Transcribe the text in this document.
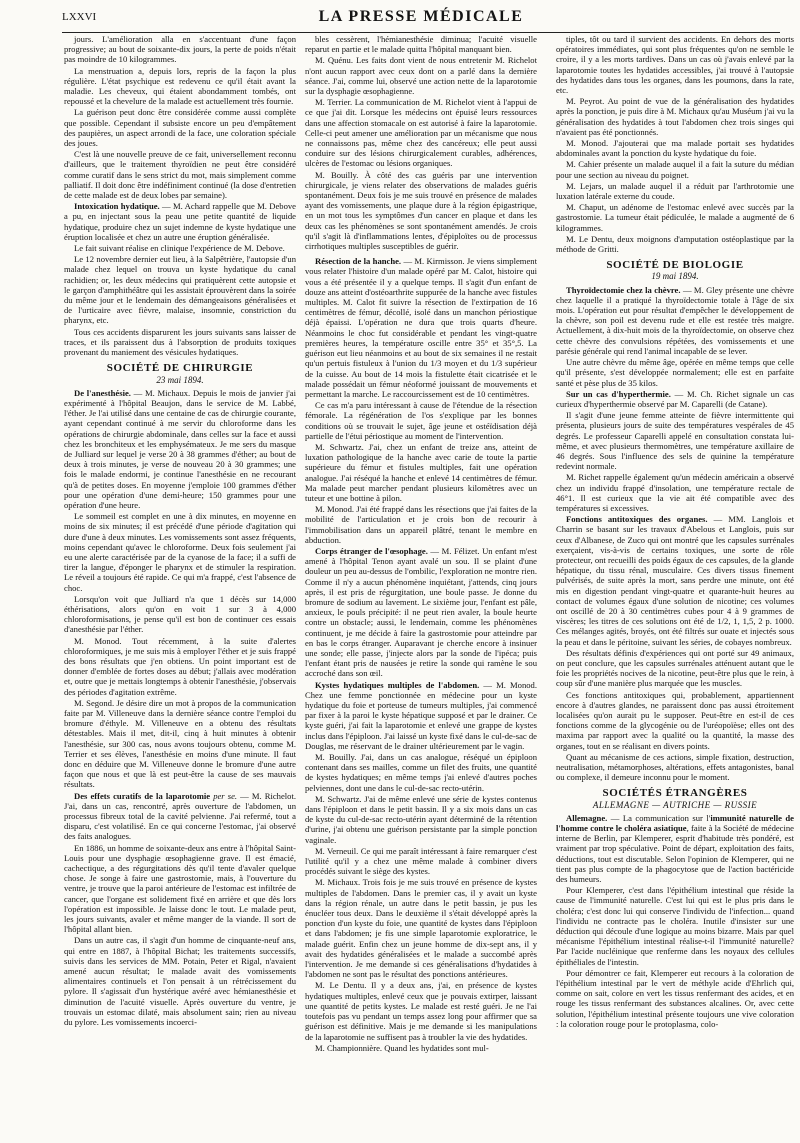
LXXVI	LA PRESSE MÉDICALE

jours. L'amélioration alla en s'accentuant d'une façon progressive; au bout de soixante-dix jours, la perte de poids n'était pas moindre de 10 kilogrammes.

La menstruation a, depuis lors, repris de la façon la plus régulière. L'état psychique est redevenu ce qu'il était avant la maladie. Les cheveux, qui étaient abondamment tombés, ont repoussé et la chevelure de la malade est actuellement très fournie.

La guérison peut donc être considérée comme aussi complète que possible. Cependant il subsiste encore un peu d'empâtement des paupières, un aspect arrondi de la face, une coloration spéciale des joues.

C'est là une nouvelle preuve de ce fait, universellement reconnu d'ailleurs, que le traitement thyroïdien ne peut être considéré comme curatif dans le sens strict du mot, mais simplement comme palliatif. Il doit donc être indéfiniment continué (la dose d'entretien de cette malade est de deux lobes par semaine).

Intoxication hydatique. — M. Achard rappelle que M. Debove a pu, en injectant sous la peau une petite quantité de liquide hydatique, produire chez un sujet indemne de kyste hydatique une éruption localisée et chez un autre une éruption généralisée.

Le fait suivant réalise en clinique l'expérience de M. Debove.

Le 12 novembre dernier eut lieu, à la Salpêtrière, l'autopsie d'un malade chez lequel on trouva un kyste hydatique du canal rachidien; or, les deux médecins qui pratiquèrent cette autopsie et le garçon d'amphithéâtre qui les assistait éprouvèrent dans la soirée du même jour et le lendemain des démangeaisons généralisées et de l'urticaire avec fièvre, malaise, insomnie, constriction du pharynx, etc.

Tous ces accidents disparurent les jours suivants sans laisser de traces, et ils paraissent dus à l'absorption de produits toxiques provenant du maniement des vésicules hydatiques.

SOCIÉTÉ DE CHIRURGIE
23 mai 1894.

De l'anesthésie. — M. Michaux. Depuis le mois de janvier j'ai expérimenté à l'hôpital Beaujon, dans le service de M. Labbé, l'éther. Je l'ai utilisé dans une centaine de cas de chirurgie courante, ayant cependant continué à me servir du chloroforme dans les opérations de chirurgie abdominale, dans celles sur la face et aussi chez les bronchiteux et les emphysémateux. Je me sers du masque de Julliard sur lequel je verse 20 à 38 grammes d'éther; au bout de deux à trois minutes, je verse de nouveau 20 à 30 grammes; une fois le malade endormi, je continue l'anesthésie en ne recourant qu'à de petites doses. En moyenne j'emploie 100 grammes d'éther pour une opération d'une demi-heure; 150 grammes pour une opération d'une heure.

Le sommeil est complet en une à dix minutes, en moyenne en moins de six minutes; il est précédé d'une période d'agitation qui dure d'une à deux minutes. Les vomissements sont assez fréquents, moins cependant qu'avec le chloroforme. Deux fois seulement j'ai eu une alerte caractérisée par de la cyanose de la face; il a suffi de tirer la langue, d'éponger le pharynx et de stimuler la respiration. Le réveil a toujours été rapide. Ce qui m'a frappé, c'est l'absence de choc.

Lorsqu'on voit que Julliard n'a que 1 décès sur 14,000 éthérisations, alors qu'on en voit 1 sur 3 à 4,000 chloroformisations, je pense qu'il est bon de continuer ces essais d'anesthésie par l'éther.

M. Monod. Tout récemment, à la suite d'alertes chloroformiques, je me suis mis à employer l'éther et je suis frappé des bons résultats que j'en obtiens. Un point important est de donner d'emblée de fortes doses au début; j'allais avec modération et, outre que je mettais longtemps à obtenir l'anesthésie, j'observais des périodes d'agitation extrême.

M. Segond. Je désire dire un mot à propos de la communication faite par M. Villeneuve dans la dernière séance contre l'emploi du bromure d'éthyle. M. Villeneuve en a obtenu des résultats détestables. Mais il met, dit-il, cinq à huit minutes à obtenir l'anesthésie, sur 300 cas, nous avons toujours obtenu, comme M. Terrier et ses élèves, l'anesthésie en moins d'une minute. Il faut donc en déduire que M. Villeneuve donne le bromure d'une autre façon que nous et que là est peut-être la cause de ses mauvais résultats.

Des effets curatifs de la laparotomie per se. — M. Richelot. J'ai, dans un cas, rencontré, après ouverture de l'abdomen, un processus fibreux total de la cavité pelvienne. J'ai refermé, tout a disparu, c'est volatilisé. En ce qui concerne l'estomac, j'ai observé des faits analogues.

En 1886, un homme de soixante-deux ans entre à l'hôpital Saint-Louis pour une dysphagie œsophagienne grave. Il est émacié, cachectique, a des régurgitations dès qu'il tente d'avaler quelque chose. Je songe à faire une gastrostomie, mais, à l'ouverture du ventre, je trouve que la paroi antérieure de l'estomac est infiltrée de cancer, que l'organe est solidement fixé en arrière et que dès lors l'opération est impossible. Je laisse donc le tout. Le malade peut, les jours suivants, avaler et même manger de la viande. Il sort de l'hôpital allant bien.

Dans un autre cas, il s'agit d'un homme de cinquante-neuf ans, qui entre en 1887, à l'hôpital Bichat; les traitements successifs, suivis dans les services de MM. Potain, Peter et Rigal, n'avaient amené aucun résultat; le malade avait des vomissements alimentaires continuels et l'on pensait à un rétrécissement du pylore. Il s'agissait d'un hystérique avéré avec hémianesthésie et diminution de l'acuité visuelle. Après ouverture du ventre, je trouvais un estomac dilaté, mais absolument sain; rien au niveau du pylore. Les vomissements incoerci-

bles cessèrent, l'hémianesthésie diminua; l'acuité visuelle reparut en partie et le malade quitta l'hôpital manquant bien.

M. Quénu. Les faits dont vient de nous entretenir M. Richelot n'ont aucun rapport avec ceux dont on a parlé dans la dernière séance. J'ai, comme lui, observé une action nette de la laparotomie sur la dysphagie œsophagienne.

M. Terrier. La communication de M. Richelot vient à l'appui de ce que j'ai dit. Lorsque les médecins ont épuisé leurs ressources dans une affection stomacale on est autorisé à faire la laparotomie. Celle-ci peut amener une amélioration par un mécanisme que nous ne connaissons pas, même chez des cancéreux; elle peut aussi conduire sur des lésions chirurgicalement curables, adhérences, ulcères de l'estomac ou lésions organiques.

M. Bouilly. À côté des cas guéris par une intervention chirurgicale, je viens relater des observations de malades guéris spontanément. Deux fois je me suis trouvé en présence de malades ayant des vomissements, une plaque dure à la région épigastrique, en un mot tous les symptômes d'un cancer en plaque et dans les deux cas les phénomènes se sont spontanément amendés. Je crois qu'il s'agit là d'inflammations lentes, d'épiploïtes ou de processus cirrhotiques multiples susceptibles de guérir.

Résection de la hanche. — M. Kirmisson. Je viens simplement vous relater l'histoire d'un malade opéré par M. Calot, histoire qui vous a été présentée il y a quelque temps. Il s'agit d'un enfant de douze ans atteint d'ostéoarthrite suppurée de la hanche avec fistules multiples. M. Calot fit suivre la résection de l'extirpation de 16 centimètres de fémur, décollé, isolé dans un manchon périostique déjà épaissi. L'opération ne dura que trois quarts d'heure. Néanmoins le choc fut considérable et pendant les vingt-quatre premières heures, la température oscille entre 35° et 35°,5. La guérison eut lieu néanmoins et au bout de six semaines il ne restait qu'un pertuis fistuleux à l'union du 1/3 moyen et du 1/3 supérieur de la cuisse. Au bout de 14 mois la fistulette était cicatrisée et le malade possédait un fémur néoformé jouissant de mouvements et permettant la marche. Le raccourcissement est de 10 centimètres.

Ce cas m'a paru intéressant à cause de l'étendue de la résection fémorale. La régénération de l'os s'explique par les bonnes conditions où se trouvait le sujet, âge jeune et ostéïdisation déjà partielle de l'étui périostique au moment de l'intervention.

M. Schwartz. J'ai, chez un enfant de treize ans, atteint de luxation pathologique de la hanche avec carie de toute la partie supérieure du fémur et fistules multiples, fait une opération analogue. J'ai réséqué la hanche et enlevé 14 centimètres de fémur. Ma malade peut marcher pendant plusieurs kilomètres avec un tuteur et une bottine à pilon.

M. Monod. J'ai été frappé dans les résections que j'ai faites de la mobilité de l'articulation et je crois bon de recourir à l'immobilisation dans un appareil plâtré, tenant le membre en abduction.

Corps étranger de l'œsophage. — M. Félizet. Un enfant m'est amené à l'hôpital Tenon ayant avalé un sou. Il se plaint d'une douleur un peu au-dessus de l'ombilic, l'exploration ne montre rien. Comme il n'y a aucun phénomène inquiétant, j'attends, cinq jours après, il est pris de régurgitation, une boule passe. Je donne du bromure de sodium au lavement. Le sixième jour, l'enfant est pâle, anxieux, le pouls précipité: il ne peut rien avaler, la boule heurte contre un obstacle; aussi, le lendemain, comme les phénomènes continuent, je me décide à faire la gastrostomie pour atteindre par en bas le corps étranger. Auparavant je cherche encore à insinuer une sonde; elle passe, j'injecte alors par la sonde de l'ipéca; puis l'enfant étant pris de nausées je retire la sonde qui ramène le sou accroché dans son œil.

Kystes hydatiques multiples de l'abdomen. — M. Monod. Chez une femme ponctionnée en médecine pour un kyste hydatique du foie et porteuse de tumeurs multiples, j'ai commencé par fixer à la paroi le kyste hépatique supposé et par le drainer. Ce kyste guéri, j'ai fait la laparotomie et enlevé une grappe de kystes inclus dans l'épiploon. J'ai laissé un kyste fixé dans le cul-de-sac de Douglas, me réservant de le drainer ultérieurement par le vagin.

M. Bouilly. J'ai, dans un cas analogue, réséqué un épiploon contenant dans ses mailles, comme un filet des fruits, une quantité de kystes hydatiques; en même temps j'ai enlevé d'autres poches pelviennes, dont une dans le cul-de-sac recto-utérin.

M. Schwartz. J'ai de même enlevé une série de kystes contenus dans l'épiploon et dans le petit bassin. Il y a six mois dans un cas de kyste du cul-de-sac recto-utérin ayant déterminé de la rétention d'urine, j'ai obtenu une guérison persistante par la simple ponction vaginale.

M. Verneuil. Ce qui me paraît intéressant à faire remarquer c'est l'utilité qu'il y a chez une même malade à combiner divers procédés suivant le siège des kystes.

M. Michaux. Trois fois je me suis trouvé en présence de kystes multiples de l'abdomen. Dans le premier cas, il y avait un kyste dans la région rénale, un autre dans le petit bassin, je pus les énucléer tous deux. Dans le deuxième il s'était développé après la ponction d'un kyste du foie, une quantité de kystes dans l'épiploon et dans l'abdomen; je fis une simple laparotomie exploratrice, le malade guérit. Enfin chez un jeune homme de dix-sept ans, il y avait des hydatides généralisées et le malade a succombé après l'intervention. Je me demande si ces généralisations d'hydatides à l'abdomen ne sont pas le résultat des ponctions antérieures.

M. Le Dentu. Il y a deux ans, j'ai, en présence de kystes hydatiques multiples, enlevé ceux que je pouvais extirper, laissant une quantité de petits kystes. Le malade est resté guéri. Je ne l'ai toutefois pas vu pendant un temps assez long pour affirmer que sa guérison est définitive. Mais je me demande si les manipulations de la laparotomie ne suffisent pas à troubler la vie des hydatides.

M. Championnière. Quand les hydatides sont mul-

tiples, tôt ou tard il survient des accidents. En dehors des morts opératoires immédiates, qui sont plus fréquentes qu'on ne semble le croire, il y a les morts tardives. Dans un cas où j'avais enlevé par la laparotomie toutes les hydatides accessibles, j'ai trouvé à l'autopsie des hydatides dans tous les organes, dans les poumons, dans la rate, etc.

M. Peyrot. Au point de vue de la généralisation des hydatides après la ponction, je puis dire à M. Michaux qu'au Muséum j'ai vu la généralisation des hydatides à tout l'abdomen chez trois singes qui n'avaient pas été ponctionnés.

M. Monod. J'ajouterai que ma malade portait ses hydatides abdominales avant la ponction du kyste hydatique du foie.

M. Cahier présente un malade auquel il a fait la suture du médian pour une section au niveau du poignet.

M. Lejars, un malade auquel il a réduit par l'arthrotomie une luxation latérale externe du coude.

M. Chaput, un adénome de l'estomac enlevé avec succès par la gastrostomie. La tumeur était pédiculée, le malade a augmenté de 6 kilogrammes.

M. Le Dentu, deux moignons d'amputation ostéoplastique par la méthode de Gritti.

SOCIÉTÉ DE BIOLOGIE
19 mai 1894.

Thyroïdectomie chez la chèvre. — M. Gley présente une chèvre chez laquelle il a pratiqué la thyroïdectomie totale à l'âge de six mois. L'opération eut pour résultat d'empêcher le développement de la chèvre, son poil est devenu rude et elle est restée très maigre. Actuellement, à dix-huit mois de la thyroïdectomie, on observe chez cette chèvre des convulsions répétées, des vomissements et une parésie générale qui rend l'animal incapable de se lever.

Une autre chèvre du même âge, opérée en même temps que celle qu'il présente, s'est développée normalement; elle est en parfaite santé et pèse plus de 35 kilos.

Sur un cas d'hyperthermie. — M. Ch. Richet signale un cas curieux d'hyperthermie observé par M. Caparelli (de Catane).

Il s'agit d'une jeune femme atteinte de fièvre intermittente qui présenta, plusieurs jours de suite des températures vespérales de 45 degrés. Le professeur Caparelli appelé en consultation constata lui-même, et avec plusieurs thermomètres, une température axillaire de 46 degrés. Sous l'influence des sels de quinine la température redevint normale.

M. Richet rappelle également qu'un médecin américain a observé chez un individu frappé d'insolation, une température rectale de 46°1. Il est curieux que la vie ait été compatible avec des températures si excessives.

Fonctions antitoxiques des organes. — MM. Langlois et Charrin se basant sur les travaux d'Abelous et Langlois, puis sur ceux d'Albanese, de Zuco qui ont montré que les capsules surrénales exerçaient, vis-à-vis de certains toxiques, une sorte de rôle protecteur, ont recueilli des poids égaux de ces capsules, de la glande hépatique, du tissu rénal, musculaire. Ces divers tissus finement pulvérisés, de suite après la mort, sans perdre une minute, ont été mis en digestion pendant vingt-quatre et quarante-huit heures au contact de volumes égaux d'une solution de nicotine; ces volumes ont oscillé de 20 à 30 centimètres cubes pour 4 à 9 grammes de viscères; les titres de ces solutions ont été de 1/2, 1, 1,5, 2 p. 1000. Ces mélanges agités, broyés, ont été filtrés sur ouate et injectés sous la peau et dans le péritoine, suivant les séries, de cobayes nombreux.

Des résultats définis d'expériences qui ont porté sur 49 animaux, on peut conclure, que les capsules surrénales atténuent autant que le foie les propriétés nocives de la nicotine, peut-être plus que le rein, à coup sûr d'une manière plus marquée que les muscles.

Ces fonctions antitoxiques qui, probablement, appartiennent encore à d'autres glandes, ne paraissent donc pas aussi étroitement localisées qu'on aurait pu le supposer. Peut-être en est-il de ces fonctions comme de la glycogénie ou de l'uréopoïèse; elles ont des maxima par rapport avec la qualité ou la quantité, la masse des organes, tout en se réalisant en divers points.

Quant au mécanisme de ces actions, simple fixation, destruction, neutralisation, métamorphoses, altérations, effets antagonistes, banal ou complexe, il demeure inconnu pour le moment.

SOCIÉTÉS ÉTRANGÈRES
ALLEMAGNE — AUTRICHE — RUSSIE

Allemagne. — La communication sur l'immunité naturelle de l'homme contre le choléra asiatique, faite à la Société de médecine interne de Berlin, par Klemperer, esprit d'habitude très pondéré, est vraiment par trop spéculative. Point de départ, exploitation des faits, déductions, tout est discutable. Selon l'opinion de Klemperer, qui ne tient pas plus compte de la phagocytose que de l'action bactéricide des humeurs.

Pour Klemperer, c'est dans l'épithélium intestinal que réside la cause de l'immunité naturelle. C'est lui qui est le plus pris dans le choléra; c'est donc lui qui conserve l'individu de l'infection... quand l'individu ne contracte pas le choléra. Inutile d'insister sur une déduction qui découle d'une logique au moins bizarre. Mais par quel mécanisme l'épithélium intestinal réalise-t-il l'immunité naturelle? Par l'acide nucléinique que renferme dans les noyaux des cellules épithéliales de l'intestin.

Pour démontrer ce fait, Klemperer eut recours à la coloration de l'épithélium intestinal par le vert de méthyle acide d'Ehrlich qui, comme on sait, colore en vert les tissus renfermant des acides, et en rouge les tissus renfermant des substances alcalines. Or, avec cette solution, l'épithélium intestinal présente toujours une vive coloration : la coloration rouge pour le protoplasma, colo-
